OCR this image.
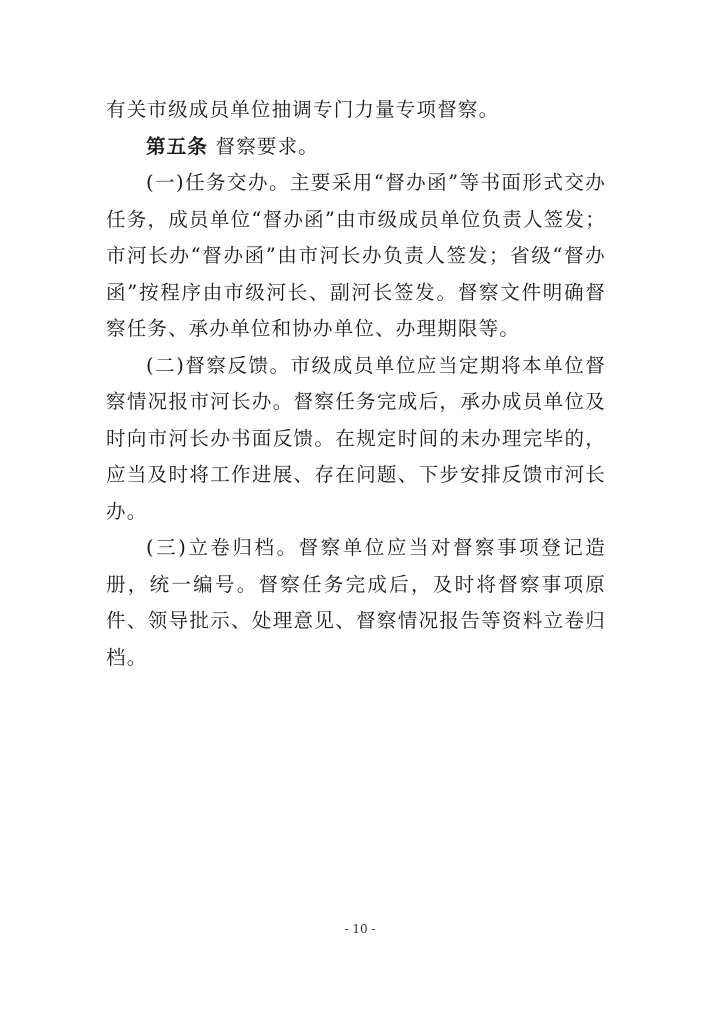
有关市级成员单位抽调专门力量专项督察。

第五条 督察要求。

(一)任务交办。主要采用“督办函”等书面形式交办任务，成员单位“督办函”由市级成员单位负责人签发；市河长办“督办函”由市河长办负责人签发；省级“督办函”按程序由市级河长、副河长签发。督察文件明确督察任务、承办单位和协办单位、办理期限等。

(二)督察反馈。市级成员单位应当定期将本单位督察情况报市河长办。督察任务完成后，承办成员单位及时向市河长办书面反馈。在规定时间的未办理完毕的，应当及时将工作进展、存在问题、下步安排反馈市河长办。

(三)立卷归档。督察单位应当对督察事项登记造册，统一编号。督察任务完成后，及时将督察事项原件、领导批示、处理意见、督察情况报告等资料立卷归档。

- 10 -
